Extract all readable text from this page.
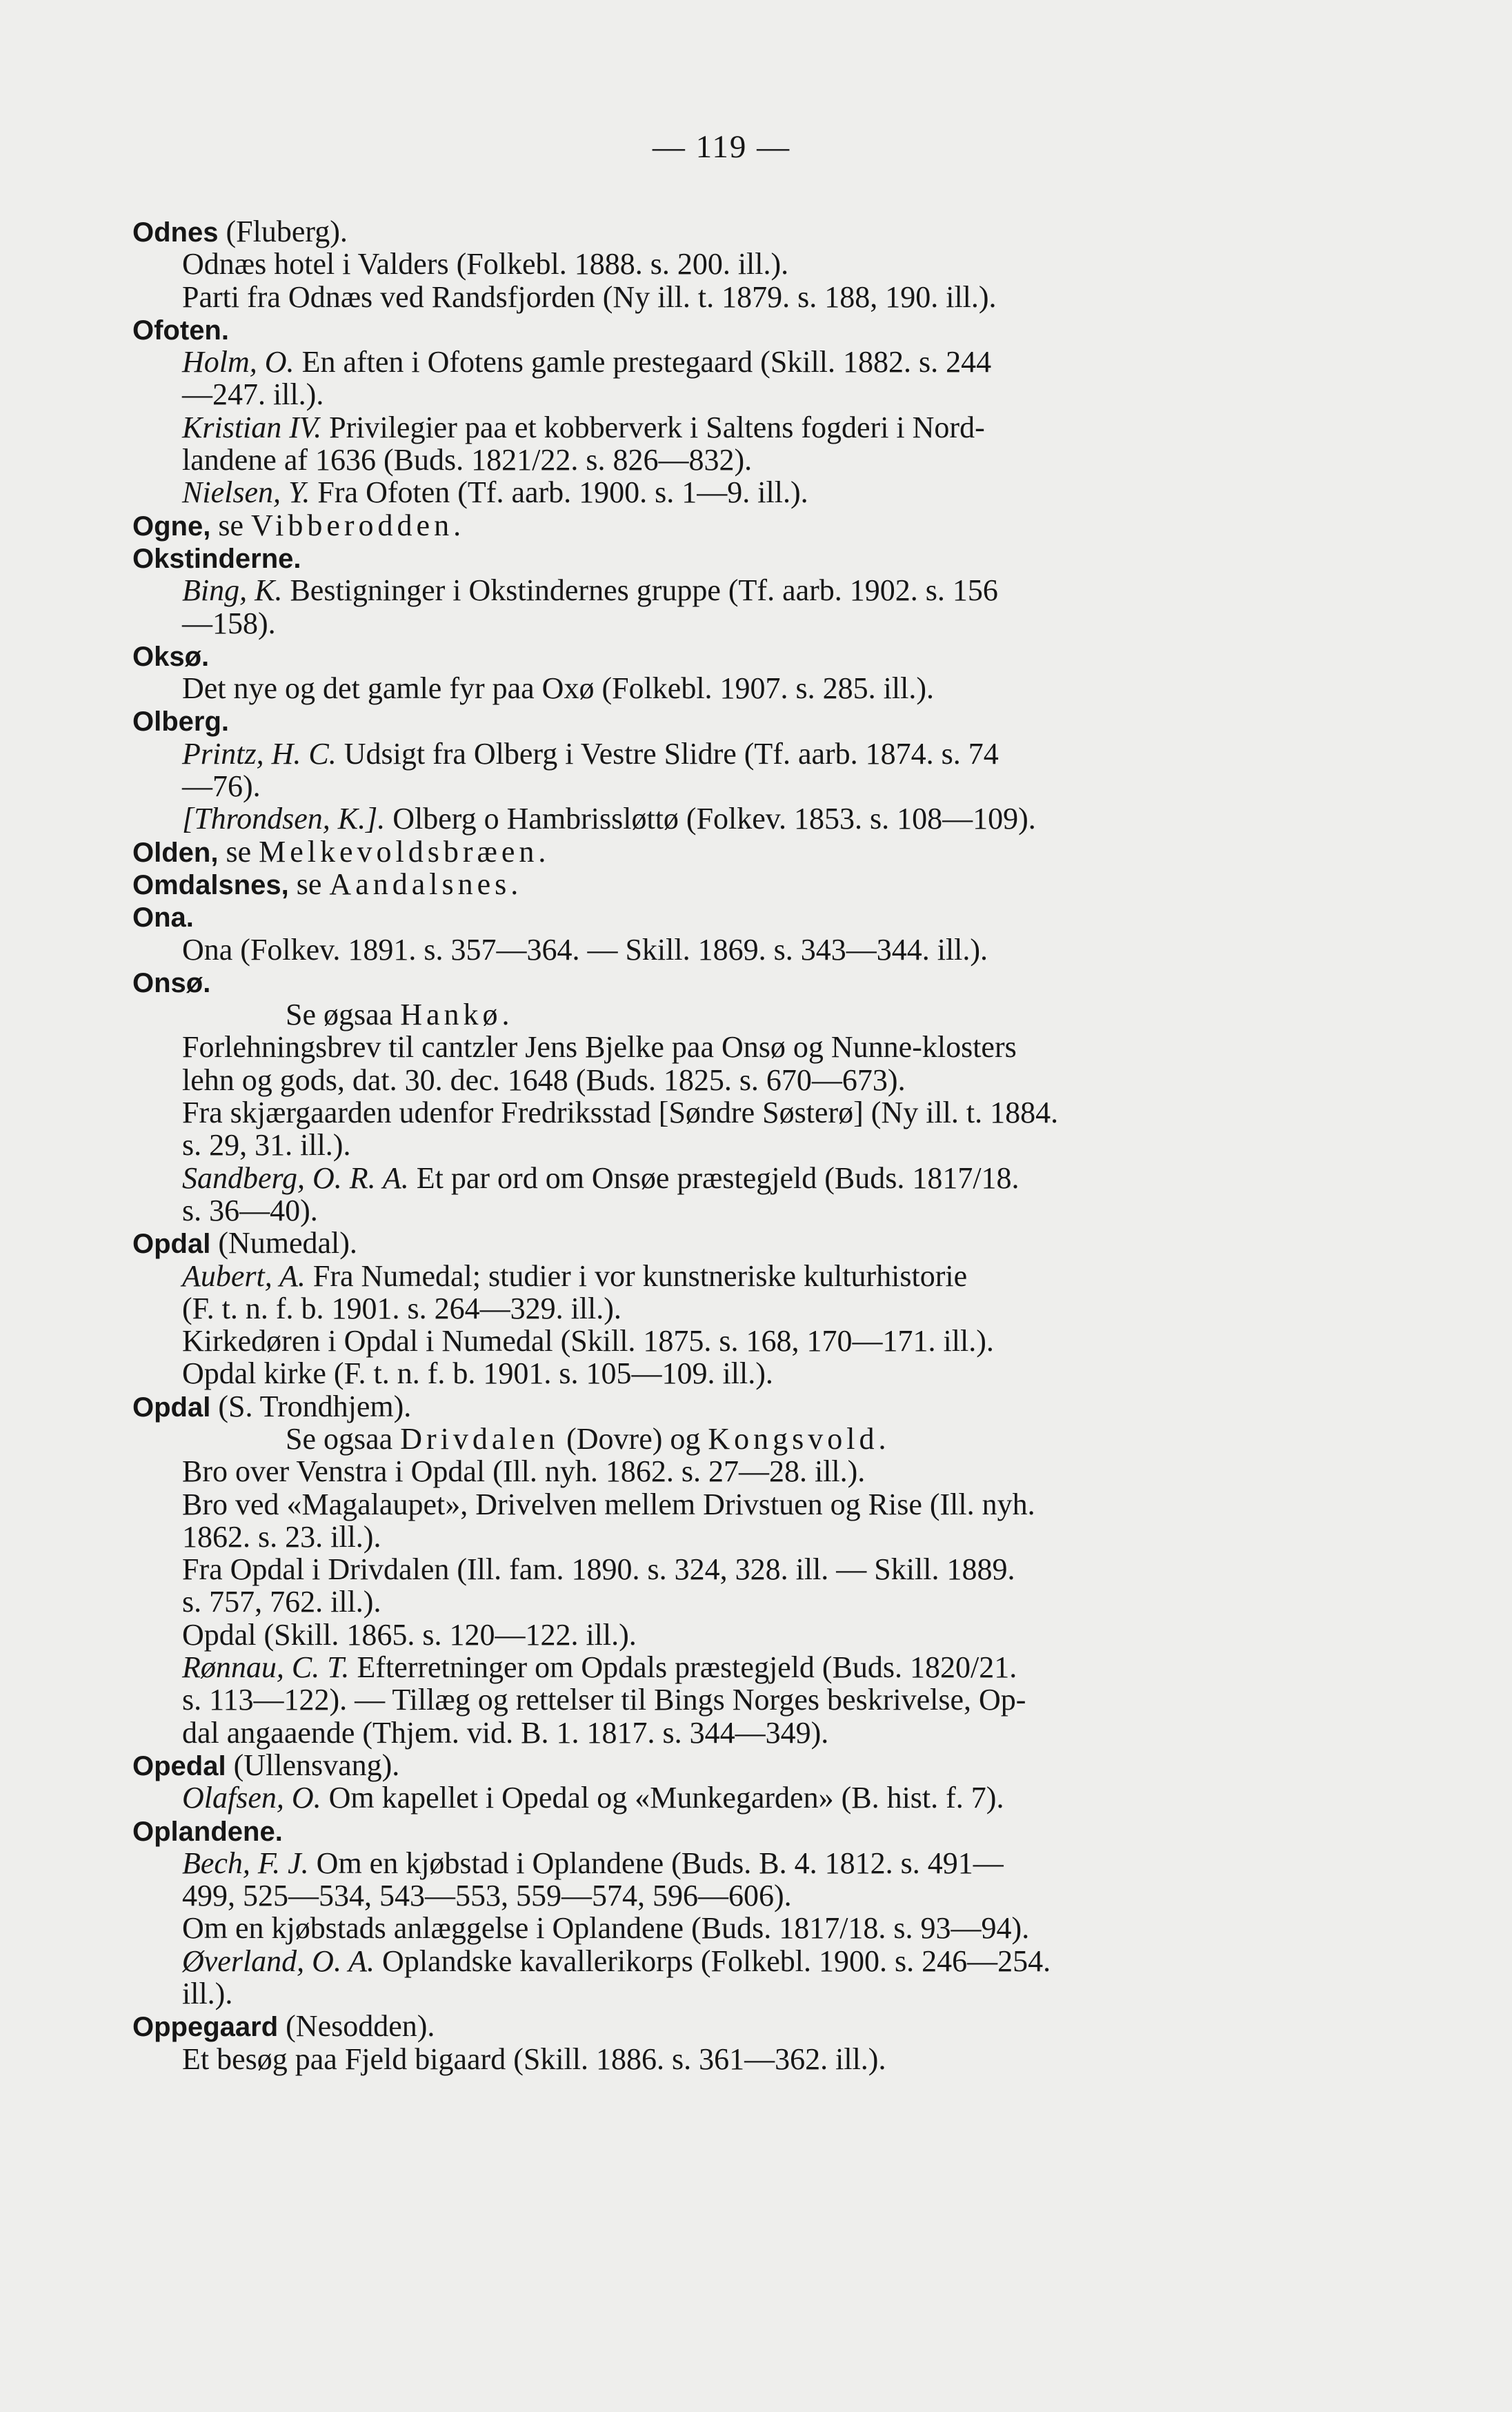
— 119 —
Odnes (Fluberg).
Odnæs hotel i Valders (Folkebl. 1888. s. 200. ill.).
Parti fra Odnæs ved Randsfjorden (Ny ill. t. 1879. s. 188, 190. ill.).
Ofoten.
Holm, O. En aften i Ofotens gamle prestegaard (Skill. 1882. s. 244
—247. ill.).
Kristian IV. Privilegier paa et kobberverk i Saltens fogderi i Nord-
landene af 1636 (Buds. 1821/22. s. 826—832).
Nielsen, Y. Fra Ofoten (Tf. aarb. 1900. s. 1—9. ill.).
Ogne, se Vibberodden.
Okstinderne.
Bing, K. Bestigninger i Okstindernes gruppe (Tf. aarb. 1902. s. 156
—158).
Oksø.
Det nye og det gamle fyr paa Oxø (Folkebl. 1907. s. 285. ill.).
Olberg.
Printz, H. C. Udsigt fra Olberg i Vestre Slidre (Tf. aarb. 1874. s. 74
—76).
[Throndsen, K.]. Olberg o Hambrissløttø (Folkev. 1853. s. 108—109).
Olden, se Melkevoldsbræen.
Omdalsnes, se Aandalsnes.
Ona.
Ona (Folkev. 1891. s. 357—364. — Skill. 1869. s. 343—344. ill.).
Onsø.
Se øgsaa Hankø.
Forlehningsbrev til cantzler Jens Bjelke paa Onsø og Nunne-klosters
lehn og gods, dat. 30. dec. 1648 (Buds. 1825. s. 670—673).
Fra skjærgaarden udenfor Fredriksstad [Søndre Søsterø] (Ny ill. t. 1884.
s. 29, 31. ill.).
Sandberg, O. R. A. Et par ord om Onsøe præstegjeld (Buds. 1817/18.
s. 36—40).
Opdal (Numedal).
Aubert, A. Fra Numedal; studier i vor kunstneriske kulturhistorie
(F. t. n. f. b. 1901. s. 264—329. ill.).
Kirkedøren i Opdal i Numedal (Skill. 1875. s. 168, 170—171. ill.).
Opdal kirke (F. t. n. f. b. 1901. s. 105—109. ill.).
Opdal (S. Trondhjem).
Se ogsaa Drivdalen (Dovre) og Kongsvold.
Bro over Venstra i Opdal (Ill. nyh. 1862. s. 27—28. ill.).
Bro ved «Magalaupet», Drivelven mellem Drivstuen og Rise (Ill. nyh.
1862. s. 23. ill.).
Fra Opdal i Drivdalen (Ill. fam. 1890. s. 324, 328. ill. — Skill. 1889.
s. 757, 762. ill.).
Opdal (Skill. 1865. s. 120—122. ill.).
Rønnau, C. T. Efterretninger om Opdals præstegjeld (Buds. 1820/21.
s. 113—122). — Tillæg og rettelser til Bings Norges beskrivelse, Op-
dal angaaende (Thjem. vid. B. 1. 1817. s. 344—349).
Opedal (Ullensvang).
Olafsen, O. Om kapellet i Opedal og «Munkegarden» (B. hist. f. 7).
Oplandene.
Bech, F. J. Om en kjøbstad i Oplandene (Buds. B. 4. 1812. s. 491—
499, 525—534, 543—553, 559—574, 596—606).
Om en kjøbstads anlæggelse i Oplandene (Buds. 1817/18. s. 93—94).
Øverland, O. A. Oplandske kavallerikorps (Folkebl. 1900. s. 246—254.
ill.).
Oppegaard (Nesodden).
Et besøg paa Fjeld bigaard (Skill. 1886. s. 361—362. ill.).
